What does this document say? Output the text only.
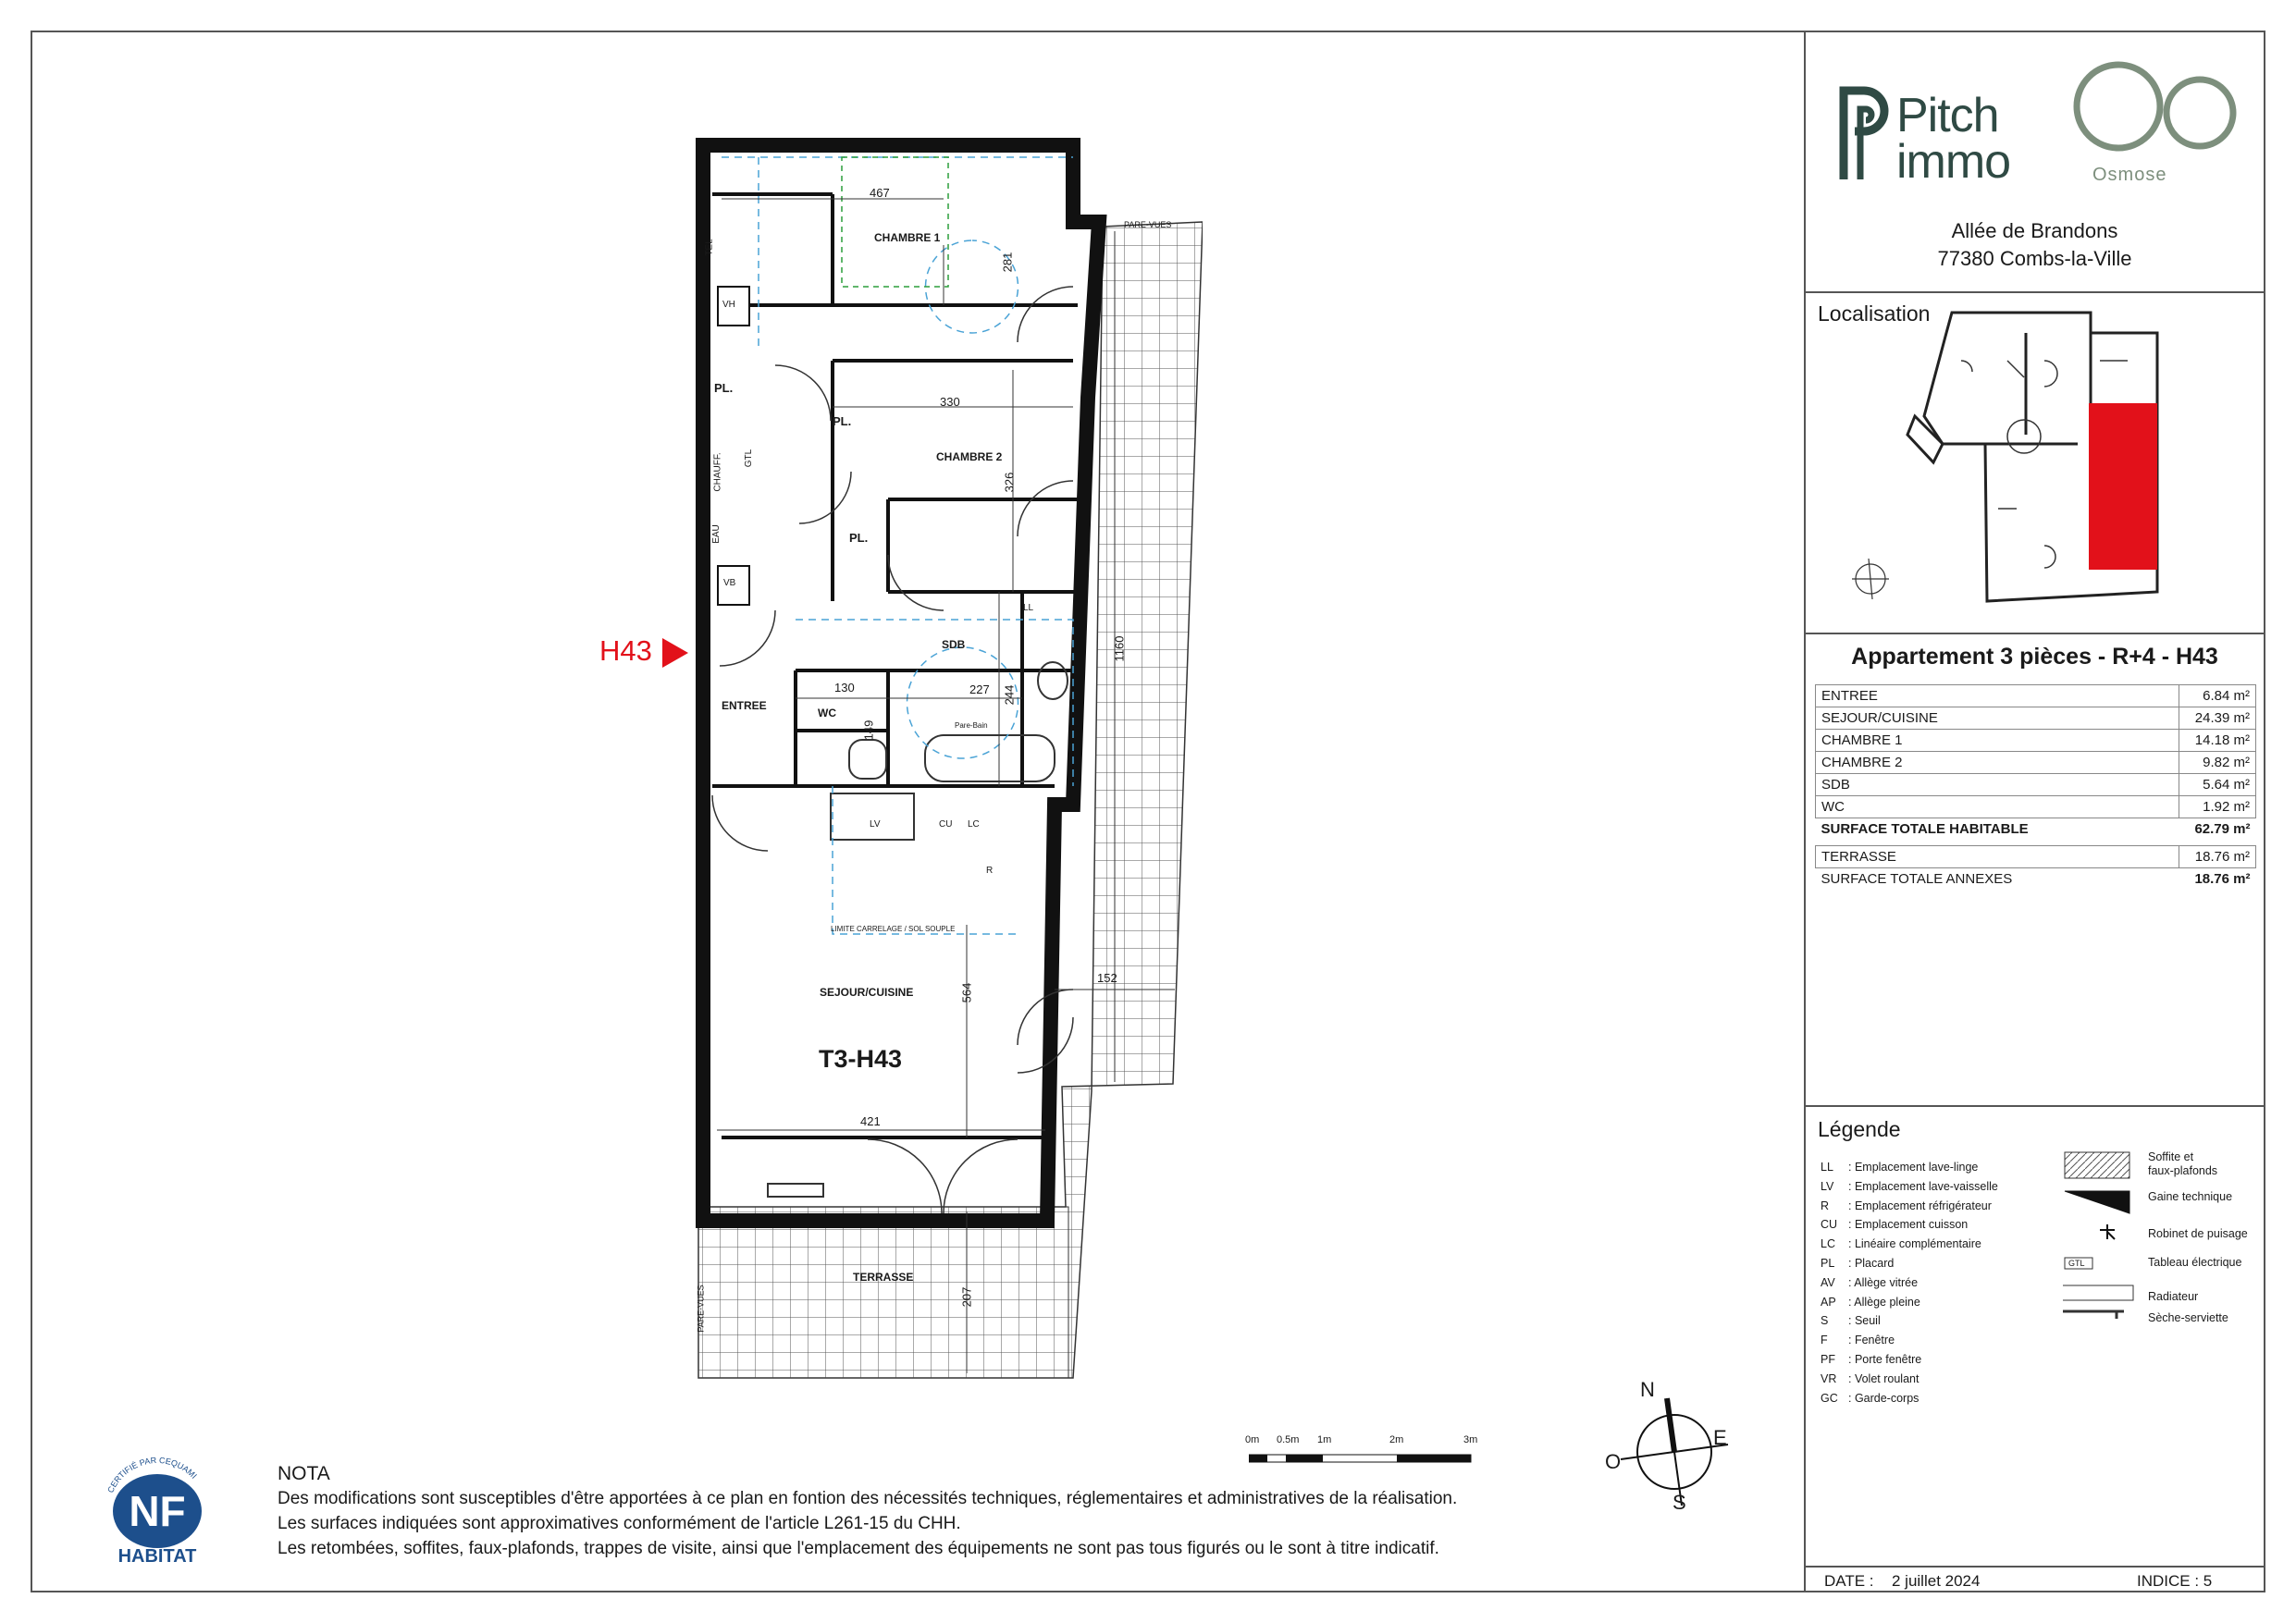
Pitch
immo	Osmose
Allée de Brandons
77380 Combs-la-Ville
Localisation
Appartement 3 pièces - R+4 - H43
ENTREE	6.84 m²
SEJOUR/CUISINE	24.39 m²
CHAMBRE 1	14.18 m²
CHAMBRE 2	9.82 m²
SDB	5.64 m²
WC	1.92 m²
SURFACE TOTALE HABITABLE	62.79 m²

TERRASSE	18.76 m²
SURFACE TOTALE ANNEXES	18.76 m²
Légende
LL : Emplacement lave-linge
LV : Emplacement lave-vaisselle
R : Emplacement réfrigérateur
CU : Emplacement cuisson
LC : Linéaire complémentaire
PL : Placard
AV : Allège vitrée
AP : Allège pleine
S : Seuil
F : Fenêtre
PF : Porte fenêtre
VR : Volet roulant
GC : Garde-corps
GTL
Soffite et
faux-plafonds
Gaine technique
Robinet de puisage
Tableau électrique
Radiateur
Sèche-serviette
DATE : 2 juillet 2024	INDICE : 5
NOTA
Des modifications sont susceptibles d'être apportées à ce plan en fontion des nécessités techniques, réglementaires et administratives de la réalisation.
Les surfaces indiquées sont approximatives conformément de l'article L261-15 du CHH.
Les retombées, soffites, faux-plafonds, trappes de visite, ainsi que l'emplacement des équipements ne sont pas tous figurés ou le sont à titre indicatif.
CERTIFIÉ PAR CEQUAMI
NF
HABITAT
0m 0.5m 1m	2m	3m
N
E
S
O
H43
CHAMBRE 1
CHAMBRE 2
SDB
ENTREE
WC
SEJOUR/CUISINE
TERRASSE
T3-H43
467
281
330
326
130	227 244
149
1160
152
564
421
207
TEL
VH
PL.
PL.
PL.
GTL
CHAUFF.
EAU
VB
LL
LV	CU LC
R
PARE-VUES
PARE-VUES
Pare-Bain
LIMITE CARRELAGE / SOL SOUPLE
